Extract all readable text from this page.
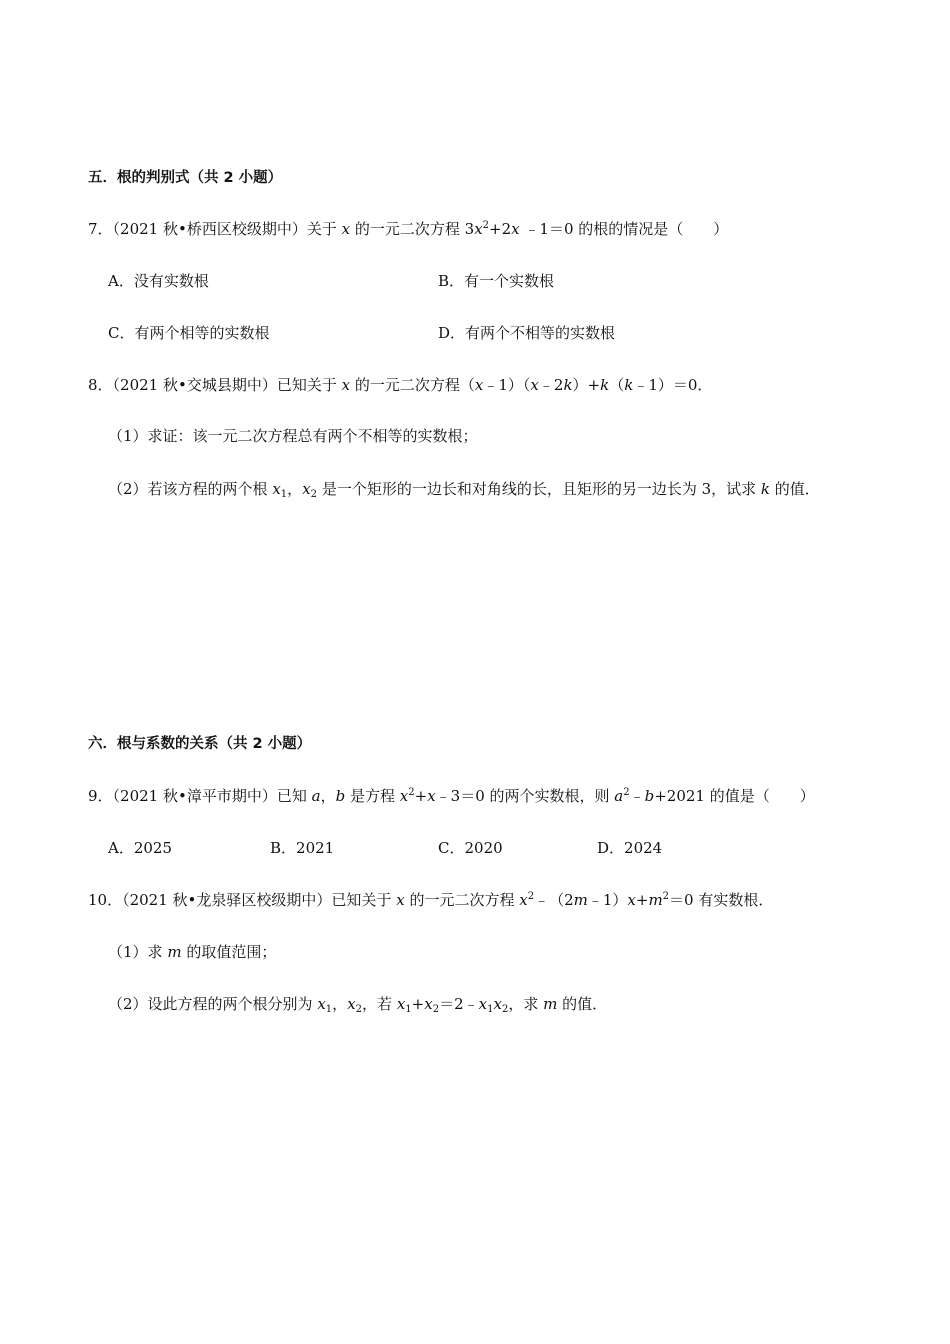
五．根的判别式（共 2 小题）
7．（2021 秋•桥西区校级期中）关于 x 的一元二次方程 $3x^2+2x$ ﹣1＝0 的根的情况是（　　）
A．没有实数根	B．有一个实数根
C．有两个相等的实数根	D．有两个不相等的实数根
8．（2021 秋•交城县期中）已知关于 x 的一元二次方程（x﹣1）（x﹣2k）+k（k﹣1）＝0．
（1）求证：该一元二次方程总有两个不相等的实数根；
（2）若该方程的两个根 $x_1$，$x_2$ 是一个矩形的一边长和对角线的长，且矩形的另一边长为 3，试求 k 的值．
六．根与系数的关系（共 2 小题）
9．（2021 秋•漳平市期中）已知 a，b 是方程 $x^2+x﹣3=0$ 的两个实数根，则 $a^2﹣b+2021$ 的值是（　　）
A．2025	B．2021	C．2020	D．2024
10．（2021 秋•龙泉驿区校级期中）已知关于 x 的一元二次方程 $x^2﹣(2m﹣1)x+m^2=0$ 有实数根．
（1）求 m 的取值范围；
（2）设此方程的两个根分别为 $x_1$，$x_2$，若 $x_1+x_2=2﹣x_1x_2$，求 m 的值．
